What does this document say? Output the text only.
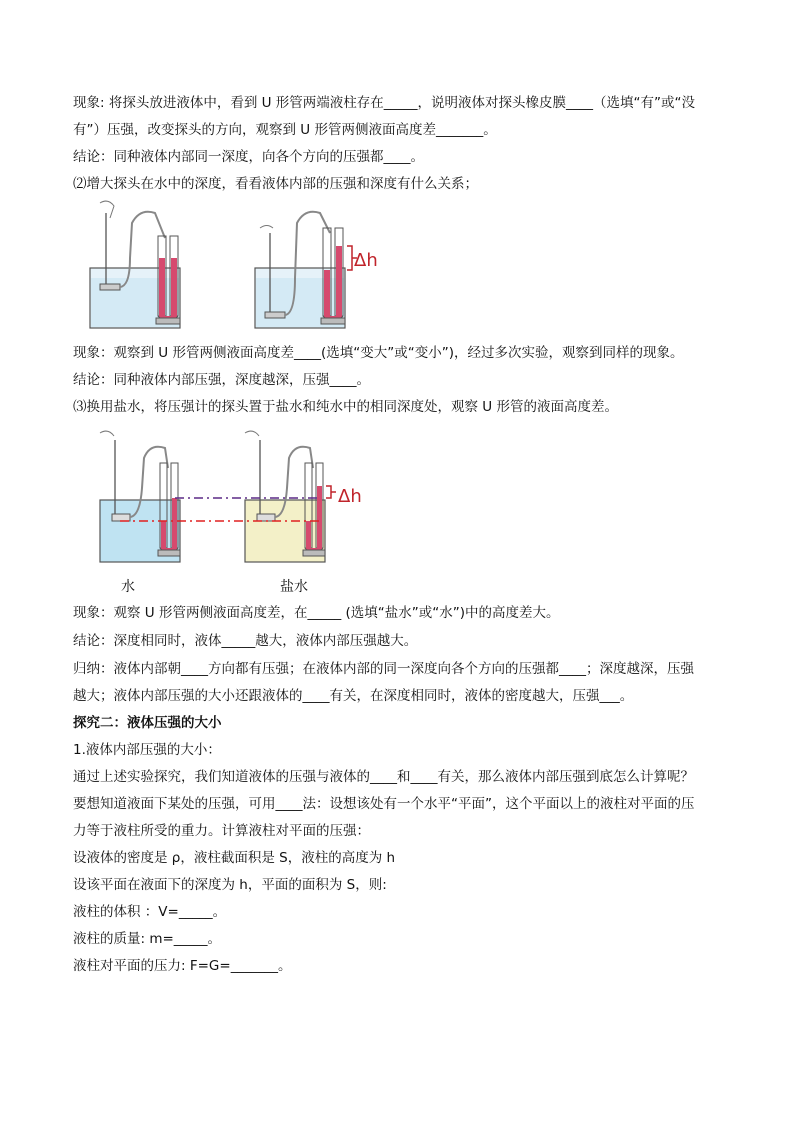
现象: 将探头放进液体中，看到 U 形管两端液柱存在_____，说明液体对探头橡皮膜____（选填“有”或“没
有”）压强，改变探头的方向，观察到 U 形管两侧液面高度差_______。
结论：同种液体内部同一深度，向各个方向的压强都____。
⑵增大探头在水中的深度，看看液体内部的压强和深度有什么关系；
Δh
现象：观察到 U 形管两侧液面高度差____(选填“变大”或“变小”)，经过多次实验，观察到同样的现象。
结论：同种液体内部压强，深度越深，压强____。
⑶换用盐水，将压强计的探头置于盐水和纯水中的相同深度处，观察 U 形管的液面高度差。
Δh
水	盐水
现象：观察 U 形管两侧液面高度差，在_____ (选填“盐水”或“水”)中的高度差大。
结论：深度相同时，液体_____越大，液体内部压强越大。
归纳：液体内部朝____方向都有压强；在液体内部的同一深度向各个方向的压强都____；深度越深，压强
越大；液体内部压强的大小还跟液体的____有关，在深度相同时，液体的密度越大，压强___。
探究二：液体压强的大小
1.液体内部压强的大小：
通过上述实验探究，我们知道液体的压强与液体的____和____有关，那么液体内部压强到底怎么计算呢？
要想知道液面下某处的压强，可用____法：设想该处有一个水平“平面”，这个平面以上的液柱对平面的压
力等于液柱所受的重力。计算液柱对平面的压强：
设液体的密度是 ρ，液柱截面积是 S，液柱的高度为 h
设该平面在液面下的深度为 h，平面的面积为 S，则:
液柱的体积 ：V=_____。
液柱的质量: m=_____。
液柱对平面的压力: F=G=_______。
